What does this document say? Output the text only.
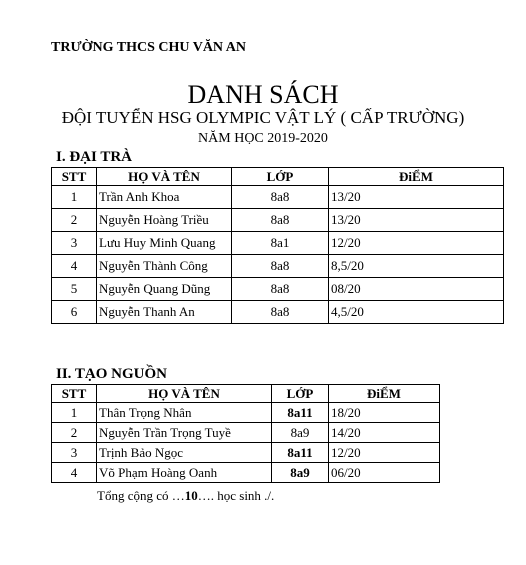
TRƯỜNG THCS CHU VĂN AN
DANH SÁCH
ĐỘI TUYỂN HSG OLYMPIC VẬT LÝ ( CẤP TRƯỜNG)
NĂM HỌC 2019-2020
I. ĐẠI TRÀ
STT	HỌ VÀ TÊN	LỚP	ĐiỂM
1	Trần Anh Khoa	8a8	13/20
2	Nguyễn Hoàng Triều	8a8	13/20
3	Lưu Huy Minh Quang	8a1	12/20
4	Nguyễn Thành Công	8a8	8,5/20
5	Nguyễn Quang Dũng	8a8	08/20
6	Nguyễn Thanh An	8a8	4,5/20
II. TẠO NGUỒN
STT	HỌ VÀ TÊN	LỚP	ĐiỂM
1	Thân Trọng Nhân	8a11	18/20
2	Nguyễn Trần Trọng Tuyề	8a9	14/20
3	Trịnh Bảo Ngọc	8a11	12/20
4	Võ Phạm Hoàng Oanh	8a9	06/20
Tổng cộng có …10…. học sinh ./.
